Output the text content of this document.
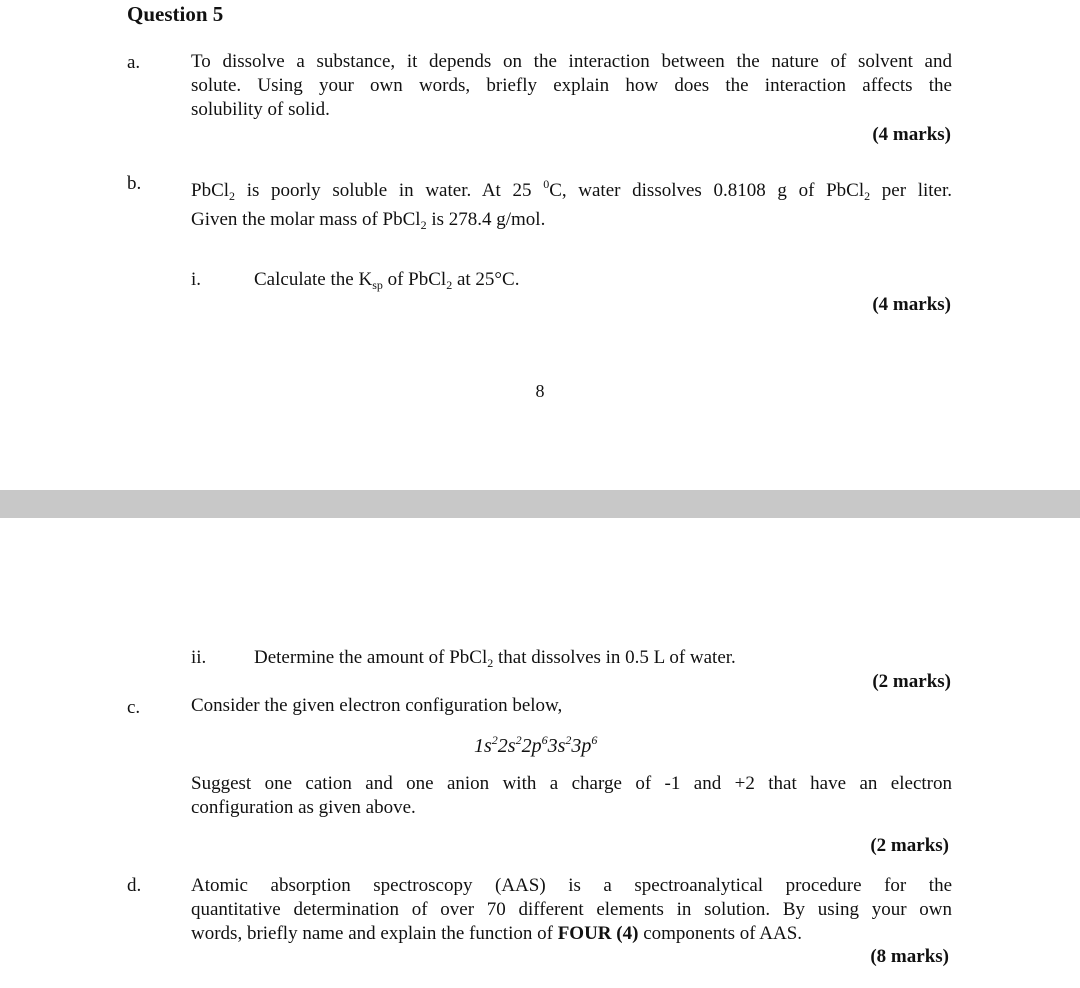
Question 5
a.	To dissolve a substance, it depends on the interaction between the nature of solvent and
solute. Using your own words, briefly explain how does the interaction affects the
solubility of solid.
(4 marks)
b.	PbCl$_2$ is poorly soluble in water. At 25 $^0$C, water dissolves 0.8108 g of PbCl$_2$ per liter.
Given the molar mass of PbCl$_2$ is 278.4 g/mol.
i.	Calculate the $K_{sp}$ of PbCl$_2$ at 25°C.
(4 marks)
8
ii.	Determine the amount of PbCl$_2$ that dissolves in 0.5 L of water.
(2 marks)
c.	Consider the given electron configuration below,
$1s^22s^22p^63s^23p^6$
Suggest one cation and one anion with a charge of -1 and +2 that have an electron
configuration as given above.
(2 marks)
d.	Atomic absorption spectroscopy (AAS) is a spectroanalytical procedure for the
quantitative determination of over 70 different elements in solution. By using your own
words, briefly name and explain the function of FOUR (4) components of AAS.
(8 marks)
